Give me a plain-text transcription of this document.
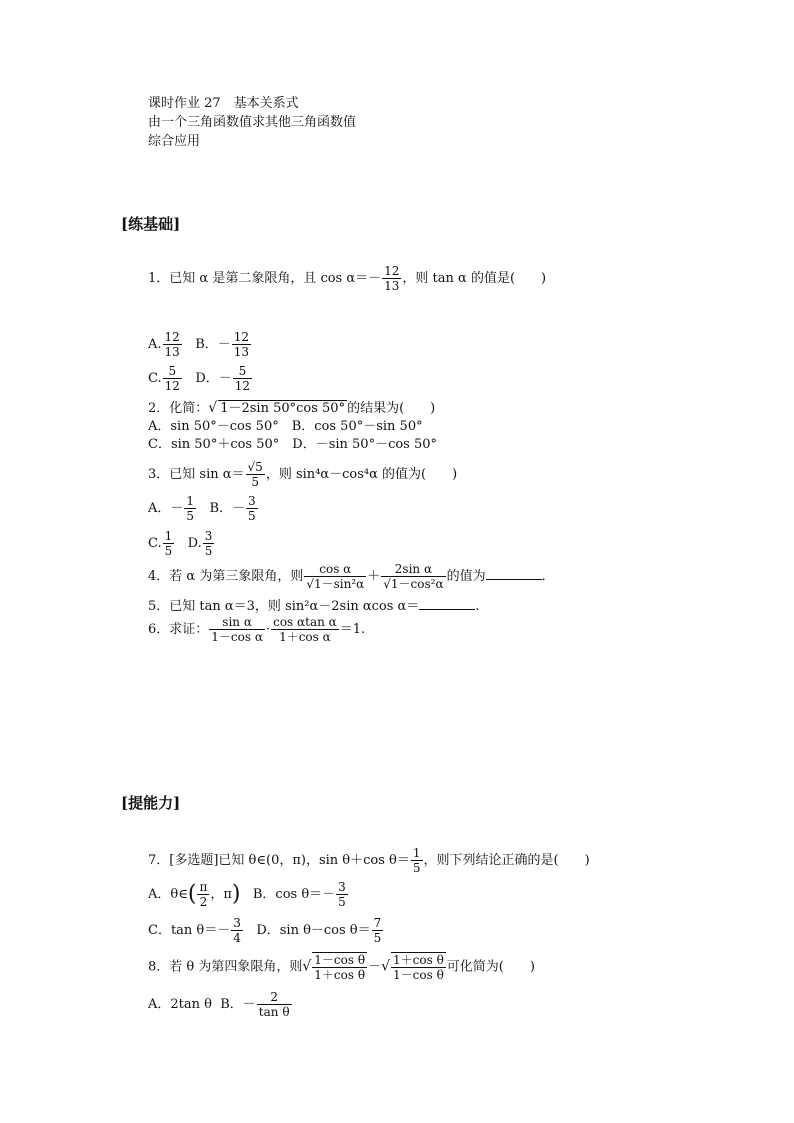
课时作业 27　基本关系式
由一个三角函数值求其他三角函数值
综合应用
[练基础]
1．已知 α 是第二象限角，且 $\cos \alpha=- \frac{12}{13}$ ，则 tan α 的值是(　　)
A. $\frac{12}{13}$ B．－ $\frac{12}{13}$
C. $\frac{5}{12}$ D．－ $\frac{5}{12}$
2．化简：√ 1－2sin 50°cos 50° 的结果为(　　)
A．sin 50°－cos 50°　B．cos 50°－sin 50°
C．sin 50°＋cos 50°　D．－sin 50°－cos 50°
3．已知 $\sin \alpha= \frac{√5}{5}$ ，则 sin⁴α－cos⁴α 的值为(　　)
A．－ $\frac{1}{5}$ B．－ $\frac{3}{5}$
C. $\frac{1}{5} D$. $\frac{3}{5}$
4．若 α 为第三象限角，则 $\frac{\text{cos α}}{\text{√1－sin²α}} + \frac{\text{2sin α}}{\text{√1－cos²α}}$ 的值为	．
5．已知 tan α＝3，则 sin²α－2sin αcos α＝	.
6．求证： $\frac{\text{sin α}}{\text{1－cos α}} \cdot \frac{\text{cos αtan α}}{\text{1＋cos α}} =1$.
[提能力]
7．[多选题]已知 θ∈(0，π)，sin θ＋cos $\theta= \frac{1}{5}$ ，则下列结论正确的是(　　)
A．θ∈( $\frac{\pi}{2}$ ，π) B．$\cos \theta=- \frac{3}{5}$
C．$\tan \theta=- \frac{3}{4}$ D．sin θ－cos $\theta= \frac{7}{5}$
8．若 θ 为第四象限角，则√ $\frac{\text{1－cos θ}}{\text{1＋cos θ}}$ －√ $\frac{\text{1＋cos θ}}{\text{1－cos θ}}$ 可化简为(　　)
A．2tan θ B．－ $\frac{2}{\text{tan θ}}$
